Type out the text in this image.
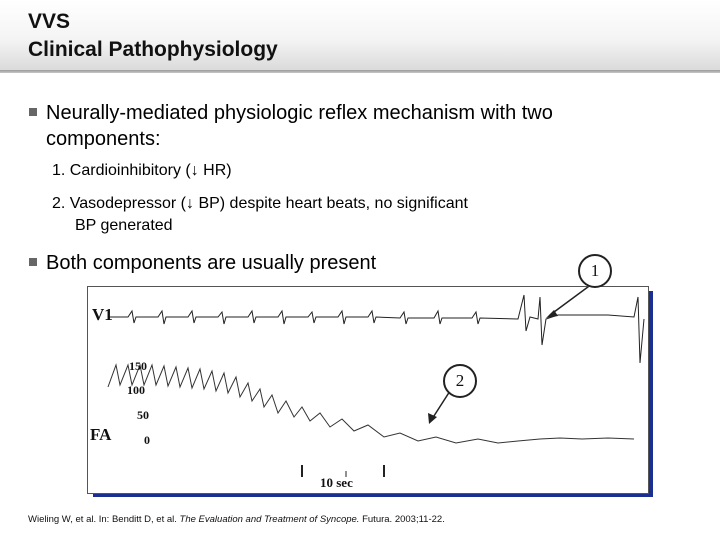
VVS
Clinical Pathophysiology
Neurally-mediated physiologic reflex mechanism with two components:
1. Cardioinhibitory (↓ HR)
2. Vasodepressor (↓ BP) despite heart beats, no significant
BP generated
Both components are usually present
V1
150
100
50
FA	0
10 sec
1
2
Wieling W, et al. In: Benditt D, et al. The Evaluation and Treatment of Syncope. Futura. 2003;11-22.
